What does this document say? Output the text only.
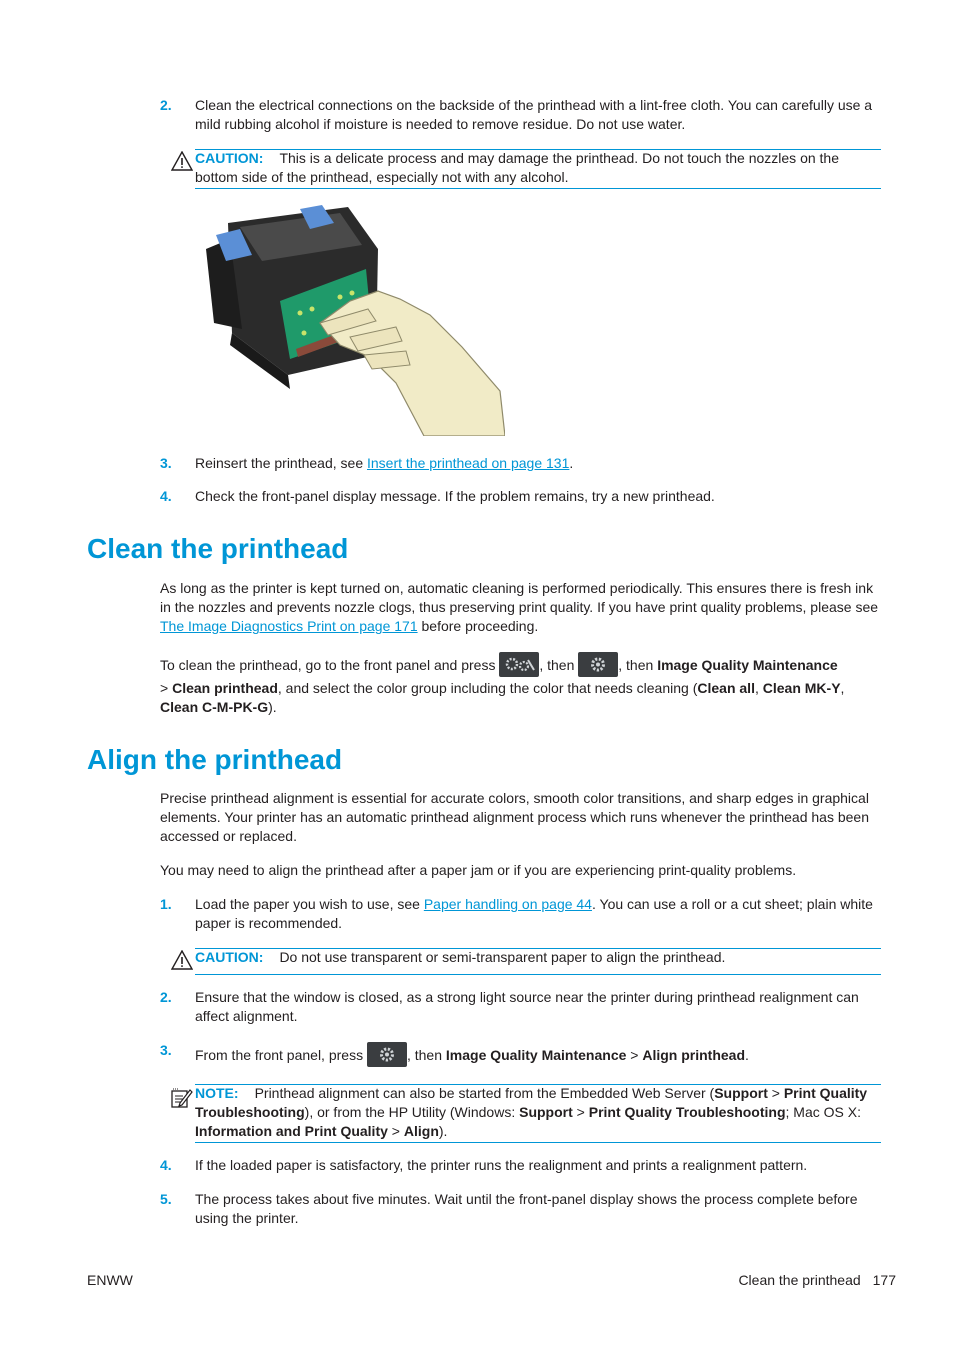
2. Clean the electrical connections on the backside of the printhead with a lint-free cloth. You can carefully use a mild rubbing alcohol if moisture is needed to remove residue. Do not use water.
CAUTION: This is a delicate process and may damage the printhead. Do not touch the nozzles on the
bottom side of the printhead, especially not with any alcohol.
3. Reinsert the printhead, see Insert the printhead on page 131.
4. Check the front-panel display message. If the problem remains, try a new printhead.
Clean the printhead
As long as the printer is kept turned on, automatic cleaning is performed periodically. This ensures there is fresh ink in the nozzles and prevents nozzle clogs, thus preserving print quality. If you have print quality problems, please see The Image Diagnostics Print on page 171 before proceeding.
To clean the printhead, go to the front panel and press	, then	, then Image Quality Maintenance
> Clean printhead, and select the color group including the color that needs cleaning (Clean all, Clean MK-Y,
Clean C-M-PK-G).
Align the printhead
Precise printhead alignment is essential for accurate colors, smooth color transitions, and sharp edges in graphical elements. Your printer has an automatic printhead alignment process which runs whenever the printhead has been accessed or replaced.
You may need to align the printhead after a paper jam or if you are experiencing print-quality problems.
1. Load the paper you wish to use, see Paper handling on page 44. You can use a roll or a cut sheet; plain white paper is recommended.
CAUTION: Do not use transparent or semi-transparent paper to align the printhead.
2. Ensure that the window is closed, as a strong light source near the printer during printhead realignment can affect alignment.
3. From the front panel, press	, then Image Quality Maintenance > Align printhead.
NOTE: Printhead alignment can also be started from the Embedded Web Server (Support > Print Quality Troubleshooting), or from the HP Utility (Windows: Support > Print Quality Troubleshooting; Mac OS X: Information and Print Quality > Align).
4. If the loaded paper is satisfactory, the printer runs the realignment and prints a realignment pattern.
5. The process takes about five minutes. Wait until the front-panel display shows the process complete before using the printer.
ENWW	Clean the printhead 177
